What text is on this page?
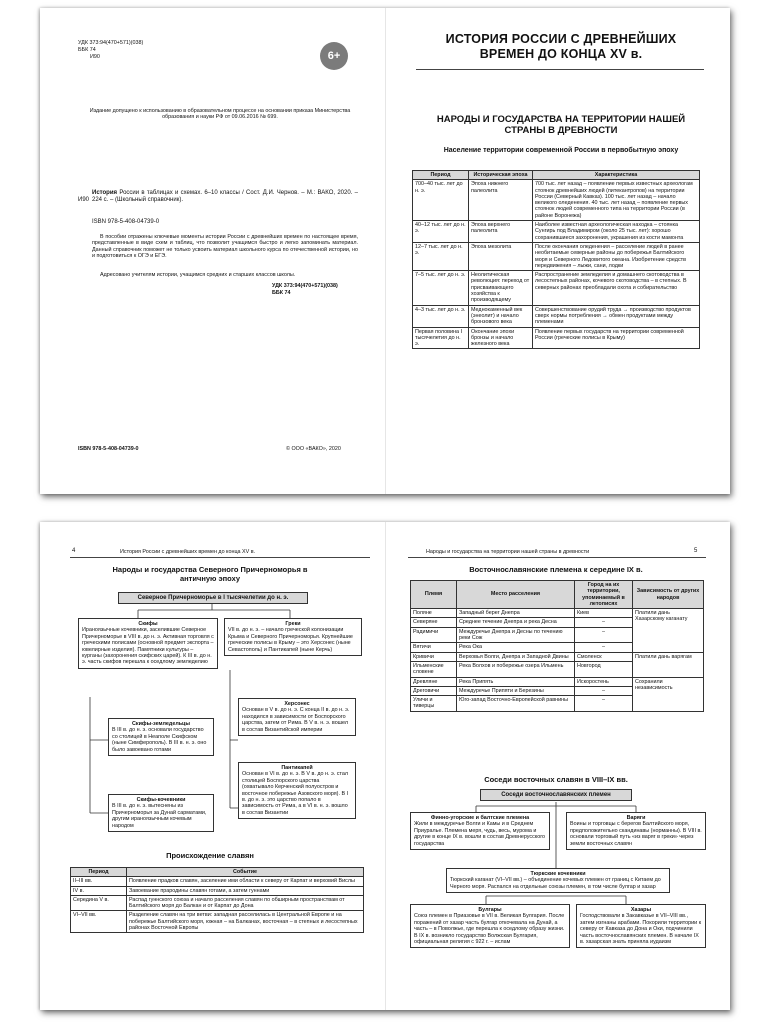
УДК 373:94(470+571)(038)
ББК 74
И90	6+
Издание допущено к использованию в образовательном процессе на основании приказа Министерства образования и науки РФ от 09.06.2016 № 699.
И90
История России в таблицах и схемах. 6–10 классы / Сост. Д.И. Чернов. – М.: ВАКО, 2020. – 224 с. – (Школьный справочник).
ISBN 978-5-408-04739-0
В пособии отражены ключевые моменты истории России с древнейших времен по настоящее время, представленные в виде схем и таблиц, что позволит учащимся быстро и легко запоминать материал. Данный справочник поможет не только усвоить материал школьного курса по отечественной истории, но и подготовиться к ОГЭ и ЕГЭ.
Адресовано учителям истории, учащимся средних и старших классов школы.
УДК 373:94(470+571)(038)
ББК 74
ISBN 978-5-408-04739-0	© ООО «ВАКО», 2020
ИСТОРИЯ РОССИИ С ДРЕВНЕЙШИХ ВРЕМЕН ДО КОНЦА XV в.
НАРОДЫ И ГОСУДАРСТВА НА ТЕРРИТОРИИ НАШЕЙ СТРАНЫ В ДРЕВНОСТИ
Население территории современной России в первобытную эпоху
Период	Историческая эпоха	Характеристика
700–40 тыс. лет до н. э.	Эпоха нижнего палеолита	700 тыс. лет назад – появление первых известных археологам стоянок древнейших людей (питекантропов) на территории России (Северный Кавказ). 100 тыс. лет назад – начало великого оледенения. 40 тыс. лет назад – появление первых стоянок людей современного типа на территории России (в районе Воронежа)
40–12 тыс. лет до н. э.	Эпоха верхнего палеолита	Наиболее известная археологическая находка – стоянка Сунгирь под Владимиром (около 25 тыс. лет): хорошо сохранившиеся захоронения, украшения из кости мамонта
12–7 тыс. лет до н. э.	Эпоха мезолита	После окончания оледенения – расселение людей в ранее необитаемые северные районы до побережья Балтийского моря и Северного Ледовитого океана. Изобретение средств передвижения – лыжи, сани, лодки
7–5 тыс. лет до н. э.	Неолитическая революция: переход от присваивающего хозяйства к производящему	Распространение земледелия и домашнего скотоводства в лесостепных районах, кочевого скотоводства – в степных. В северных районах преобладали охота и собирательство
4–3 тыс. лет до н. э.	Меднокаменный век (энеолит) и начало бронзового века	Совершенствование орудий труда → производство продуктов сверх нормы потребления → обмен продуктами между племенами
Первая половина I тысячелетия до н. э.	Окончание эпохи бронзы и начало железного века	Появление первых государств на территории современной России (греческие полисы в Крыму)
4	История России с древнейших времен до конца XV в.
Народы и государства Северного Причерноморья в античную эпоху
Северное Причерноморье в I тысячелетии до н. э.
Скифы
Ираноязычные кочевники, заселившие Северное Причерноморье в VIII в. до н. э. Активная торговля с греческими полисами (основной предмет экспорта – ювелирные изделия). Памятники культуры – курганы (захоронения скифских царей). К III в. до н. э. часть скифов перешла к оседлому земледелию
Греки
VII в. до н. э. – начало греческой колонизации Крыма и Северного Причерноморья. Крупнейшие греческие полисы в Крыму – это Херсонес (ныне Севастополь) и Пантикапей (ныне Керчь)
Скифы-земледельцы
В III в. до н. э. основали государство со столицей в Неаполе Скифском (ныне Симферополь). В III в. н. э. оно было завоевано готами
Херсонес
Основан в V в. до н. э. С конца II в. до н. э. находился в зависимости от Боспорского царства, затем от Рима. В V в. н. э. вошел в состав Византийской империи
Скифы-кочевники
В III в. до н. э. вытеснены из Причерноморья за Дунай сарматами, другим ираноязычным кочевым народом
Пантикапей
Основан в VI в. до н. э. В V в. до н. э. стал столицей Боспорского царства (охватывало Керченский полуостров и восточное побережье Азовского моря). В I в. до н. э. это царство попало в зависимость от Рима, а в VI в. н. э. вошло в состав Византии
Происхождение славян
Период	Событие
II–III вв.	Появление прадков славян, заселение ими области к северу от Карпат и верховий Вислы
IV в.	Завоевание прародины славян готами, а затем гуннами
Середина V в.	Распад гуннского союза и начало расселения славян по обширным пространствам от Балтийского моря до Балкан и от Карпат до Дона
VI–VII вв.	Разделение славян на три ветви: западная расселилась в Центральной Европе и на побережье Балтийского моря, южная – на Балканах, восточная – в степных и лесостепных районах Восточной Европы
Народы и государства на территории нашей страны в древности	5
Восточнославянские племена к середине IX в.
Племя	Место расселения	Город на их территории, упоминаемый в летописях	Зависимость от других народов
Поляне	Западный берег Днепра	Киев	Платили дань Хазарскому каганату
Северяне	Среднее течение Днепра и река Десна	–	
Радимичи	Междуречье Днепра и Десны по течению реки Сож	–	
Вятичи	Река Ока	–	
Кривичи	Верховья Волги, Днепра и Западной Двины	Смоленск	Платили дань варягам
Ильменские словене	Река Волхов и побережье озера Ильмень	Новгород	
Древляне	Река Припять	Искоростень	Сохранили независимость
Дреговичи	Междуречье Припяти и Березины	–	
Уличи и тиверцы	Юго-запад Восточно-Европейской равнины	–	
Соседи восточных славян в VIII–IX вв.
Соседи восточнославянских племен
Финно-угорские и балтские племена
Жили в междуречье Волги и Камы и в Среднем Приуралье. Племена меря, чудь, весь, мурома и другие в конце IX в. вошли в состав Древнерусского государства
Варяги
Воины и торговцы с берегов Балтийского моря, предположительно скандинавы (норманны). В VIII в. основали торговый путь «из варяг в греки» через земли восточных славян
Тюркские кочевники
Тюркский каганат (VI–VII вв.) – объединение кочевых племен от границ с Китаем до Черного моря. Распался на отдельные союзы племен, в том числе булгар и хазар
Булгары
Союз племен в Приазовье в VII в. Великая Булгария. После поражений от хазар часть булгар откочевала на Дунай, а часть – в Поволжье, где перешла к оседлому образу жизни. В IX в. возникло государство Волжская Булгария, официальная религия с 922 г. – ислам
Хазары
Господствовали в Закавказье в VII–VIII вв., затем изгнаны арабами. Покорили территории к северу от Кавказа до Дона и Оки, подчинили часть восточнославянских племен. В начале IX в. хазарская знать приняла иудаизм
